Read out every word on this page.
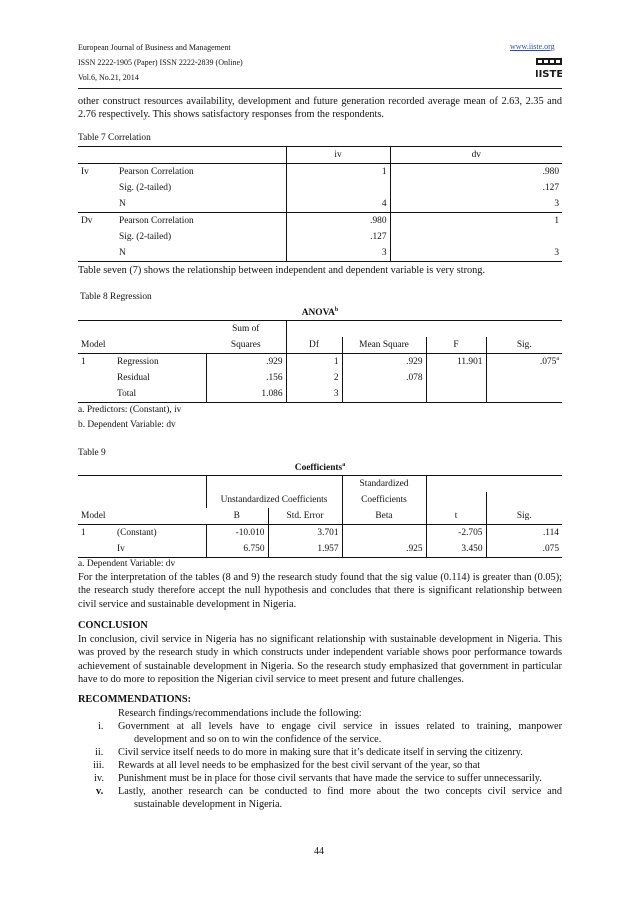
European Journal of Business and Management
ISSN 2222-1905 (Paper) ISSN 2222-2839 (Online)
Vol.6, No.21, 2014
www.iiste.org
IISTE
other construct resources availability, development and future generation recorded average mean of 2.63, 2.35 and 2.76 respectively. This shows satisfactory responses from the respondents.
Table 7 Correlation
		iv	dv
Iv	Pearson Correlation	1	.980
	Sig. (2-tailed)		.127
	N	4	3
Dv	Pearson Correlation	.980	1
	Sig. (2-tailed)	.127	
	N	3	3
Table seven (7) shows the relationship between independent and dependent variable is very strong.
Table 8 Regression
ANOVA$^b$
		Sum of				
Model		Squares	Df	Mean Square	F	Sig.
1	Regression	.929	1	.929	11.901	.075$^a$
	Residual	.156	2	.078		
	Total	1.086	3			
a. Predictors: (Constant), iv
b. Dependent Variable: dv
Table 9
Coefficients$^a$
				Standardized		
		Unstandardized Coefficients		Coefficients		
Model		B	Std. Error	Beta	t	Sig.
1	(Constant)	-10.010	3.701		-2.705	.114
	Iv	6.750	1.957	.925	3.450	.075
a. Dependent Variable: dv
For the interpretation of the tables (8 and 9) the research study found that the sig value (0.114) is greater than (0.05); the research study therefore accept the null hypothesis and concludes that there is significant relationship between civil service and sustainable development in Nigeria.
CONCLUSION
In conclusion, civil service in Nigeria has no significant relationship with sustainable development in Nigeria. This was proved by the research study in which constructs under independent variable shows poor performance towards achievement of sustainable development in Nigeria. So the research study emphasized that government in particular have to do more to reposition the Nigerian civil service to meet present and future challenges.
RECOMMENDATIONS:
Research findings/recommendations include the following:
i. Government at all levels have to engage civil service in issues related to training, manpower
development and so on to win the confidence of the service.
ii. Civil service itself needs to do more in making sure that it’s dedicate itself in serving the citizenry.
iii. Rewards at all level needs to be emphasized for the best civil servant of the year, so that
iv. Punishment must be in place for those civil servants that have made the service to suffer unnecessarily.
v. Lastly, another research can be conducted to find more about the two concepts civil service and
sustainable development in Nigeria.
44
